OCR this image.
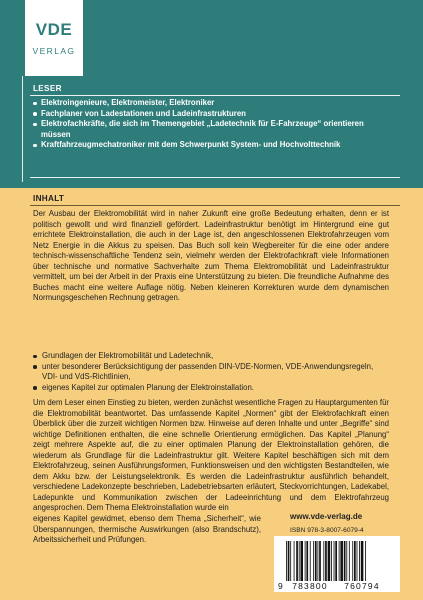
VDE
VERLAG
LESER
Elektroingenieure, Elektromeister, Elektroniker
Fachplaner von Ladestationen und Ladeinfrastrukturen
Elektrofachkräfte, die sich im Themengebiet „Ladetechnik für E-Fahrzeuge“ orientieren müssen
Kraftfahrzeugmechatroniker mit dem Schwerpunkt System- und Hochvolttechnik
INHALT

Der Ausbau der Elektromobilität wird in naher Zukunft eine große Bedeutung erhalten, denn er ist politisch gewollt und wird finanziell gefördert. Ladeinfrastruktur benötigt im Hintergrund eine gut errichtete Elektroinstallation, die auch in der Lage ist, den angeschlossenen Elektrofahrzeugen vom Netz Energie in die Akkus zu speisen. Das Buch soll kein Wegbereiter für die eine oder andere technisch-wissenschaftliche Tendenz sein, vielmehr werden der Elektrofachkraft viele Informationen über technische und normative Sachverhalte zum Thema Elektromobilität und Ladeinfrastruktur vermittelt, um bei der Arbeit in der Praxis eine Unterstützung zu bieten. Die freundliche Aufnahme des Buches macht eine weitere Auflage nötig. Neben kleineren Korrekturen wurde dem dynamischen Normungsgeschehen Rechnung getragen.

Grundlagen der Elektromobilität und Ladetechnik,
unter besonderer Berücksichtigung der passenden DIN-VDE-Normen, VDE-Anwendungsregeln, VDI- und VdS-Richtlinien,
eigenes Kapitel zur optimalen Planung der Elektroinstallation.
Um dem Leser einen Einstieg zu bieten, werden zunächst wesentliche Fragen zu Hauptargumenten für die Elektromobilität beantwortet. Das umfassende Kapitel „Normen“ gibt der Elektrofachkraft einen Überblick über die zurzeit wichtigen Normen bzw. Hinweise auf deren Inhalte und unter „Begriffe“ sind wichtige Definitionen enthalten, die eine schnelle Orientierung ermöglichen. Das Kapitel „Planung“ zeigt mehrere Aspekte auf, die zu einer optimalen Planung der Elektroinstallation gehören, die wiederum als Grundlage für die Ladeinfrastruktur gilt. Weitere Kapitel beschäftigen sich mit dem Elektrofahrzeug, seinen Ausführungsformen, Funktionsweisen und den wichtigsten Bestandteilen, wie dem Akku bzw. der Leistungselektronik. Es werden die Ladeinfrastruktur ausführlich behandelt, verschiedene Ladekonzepte beschrieben, Ladebetriebsarten erläutert, Steckvorrichtungen, Ladekabel, Ladepunkte und Kommunikation zwischen der Ladeeinrichtung und dem Elektrofahrzeug angesprochen. Dem Thema Elektroinstallation wurde ein
eigenes Kapitel gewidmet, ebenso dem Thema „Sicherheit“, wie Überspannungen, thermische Auswirkungen (also Brandschutz), Arbeitssicherheit und Prüfungen.
www.vde-verlag.de
ISBN 978-3-8007-6079-4
9 783800 760794
